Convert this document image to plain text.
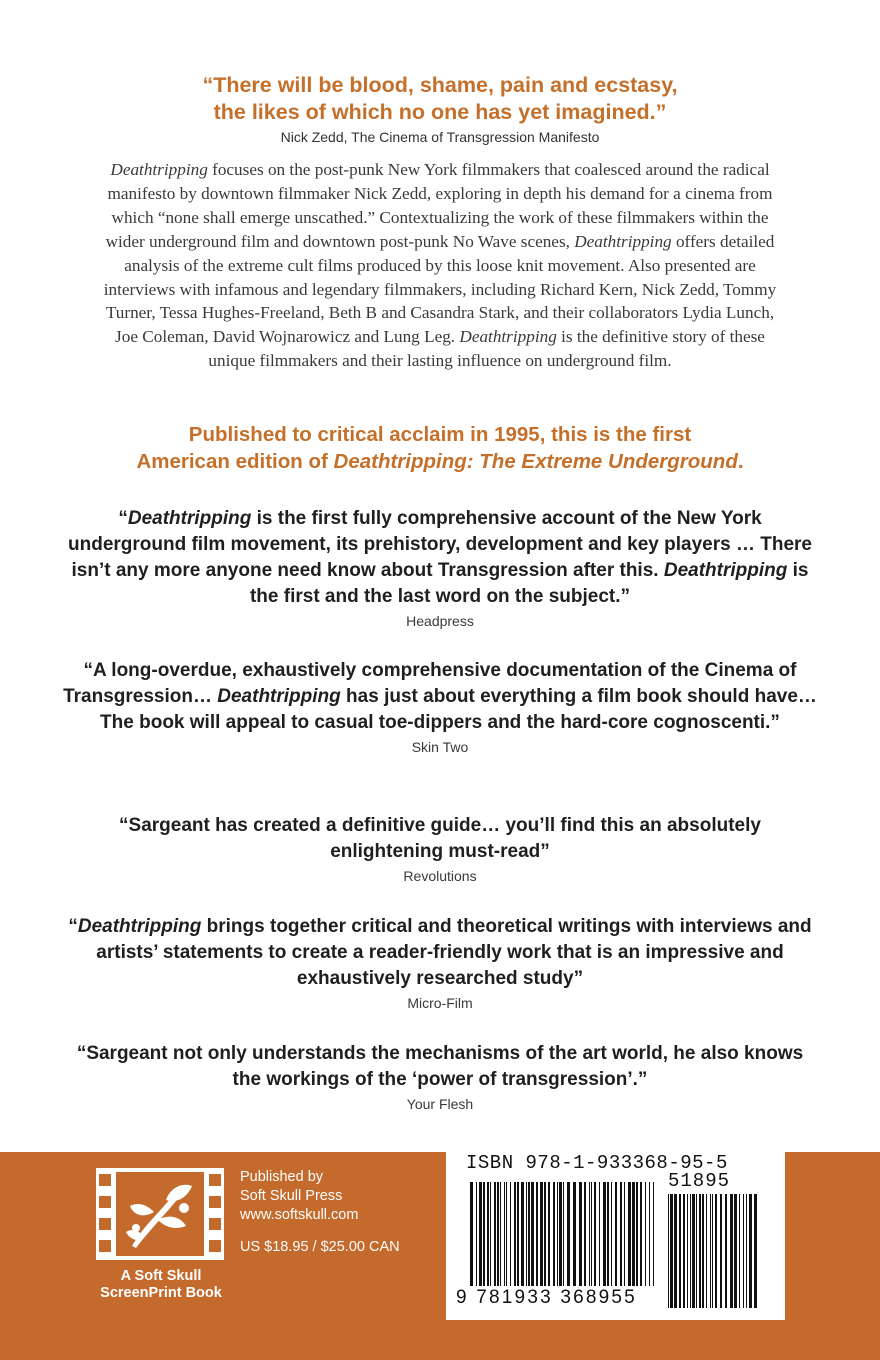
“There will be blood, shame, pain and ecstasy,
the likes of which no one has yet imagined.”
Nick Zedd, The Cinema of Transgression Manifesto

Deathtripping focuses on the post-punk New York filmmakers that coalesced around the radical manifesto by downtown filmmaker Nick Zedd, exploring in depth his demand for a cinema from which “none shall emerge unscathed.” Contextualizing the work of these filmmakers within the wider underground film and downtown post-punk No Wave scenes, Deathtripping offers detailed analysis of the extreme cult films produced by this loose knit movement. Also presented are interviews with infamous and legendary filmmakers, including Richard Kern, Nick Zedd, Tommy Turner, Tessa Hughes-Freeland, Beth B and Casandra Stark, and their collaborators Lydia Lunch, Joe Coleman, David Wojnarowicz and Lung Leg. Deathtripping is the definitive story of these unique filmmakers and their lasting influence on underground film.

Published to critical acclaim in 1995, this is the first
American edition of Deathtripping: The Extreme Underground.
“Deathtripping is the first fully comprehensive account of the New York underground film movement, its prehistory, development and key players … There isn’t any more anyone need know about Transgression after this. Deathtripping is the first and the last word on the subject.”
Headpress
“A long-overdue, exhaustively comprehensive documentation of the Cinema of Transgression… Deathtripping has just about everything a film book should have… The book will appeal to casual toe-dippers and the hard-core cognoscenti.”
Skin Two
“Sargeant has created a definitive guide… you’ll find this an absolutely enlightening must-read”
Revolutions
“Deathtripping brings together critical and theoretical writings with interviews and artists’ statements to create a reader-friendly work that is an impressive and exhaustively researched study”
Micro-Film
“Sargeant not only understands the mechanisms of the art world, he also knows the workings of the ‘power of transgression’.”
Your Flesh
A Soft Skull
ScreenPrint Book
Published by
Soft Skull Press
www.softskull.com
US $18.95 / $25.00 CAN
ISBN 978-1-933368-95-5
9 781933 368955
51895
